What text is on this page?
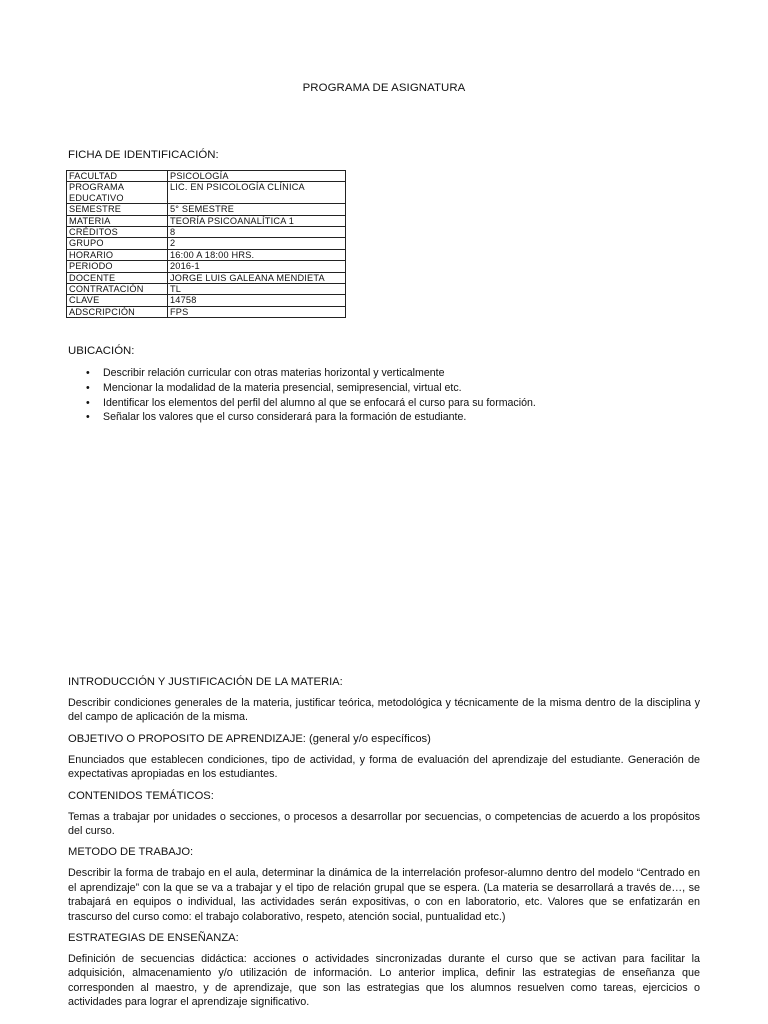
PROGRAMA DE ASIGNATURA
FICHA DE IDENTIFICACIÓN:
FACULTAD	PSICOLOGÍA
PROGRAMA EDUCATIVO	LIC. EN PSICOLOGÍA CLÍNICA
SEMESTRE	5° SEMESTRE
MATERIA	TEORÍA PSICOANALÍTICA 1
CRÉDITOS	8
GRUPO	2
HORARIO	16:00 A 18:00 HRS.
PERIODO	2016-1
DOCENTE	JORGE LUIS GALEANA MENDIETA
CONTRATACIÓN	TL
CLAVE	14758
ADSCRIPCIÓN	FPS
UBICACIÓN:
• Describir relación curricular con otras materias horizontal y verticalmente
• Mencionar la modalidad de la materia presencial, semipresencial, virtual etc.
• Identificar los elementos del perfil del alumno al que se enfocará el curso para su formación.
• Señalar los valores que el curso considerará para la formación de estudiante.
INTRODUCCIÓN Y JUSTIFICACIÓN DE LA MATERIA:
Describir condiciones generales de la materia, justificar teórica, metodológica y técnicamente de la misma dentro de la disciplina y del campo de aplicación de la misma.
OBJETIVO O PROPOSITO DE APRENDIZAJE: (general y/o específicos)
Enunciados que establecen condiciones, tipo de actividad, y forma de evaluación del aprendizaje del estudiante. Generación de expectativas apropiadas en los estudiantes.
CONTENIDOS TEMÁTICOS:
Temas a trabajar por unidades o secciones, o procesos a desarrollar por secuencias, o competencias de acuerdo a los propósitos del curso.
METODO DE TRABAJO:
Describir la forma de trabajo en el aula, determinar la dinámica de la interrelación profesor-alumno dentro del modelo “Centrado en el aprendizaje” con la que se va a trabajar y el tipo de relación grupal que se espera. (La materia se desarrollará a través de…, se trabajará en equipos o individual, las actividades serán expositivas, o con en laboratorio, etc. Valores que se enfatizarán en trascurso del curso como: el trabajo colaborativo, respeto, atención social, puntualidad etc.)
ESTRATEGIAS DE ENSEÑANZA:
Definición de secuencias didáctica: acciones o actividades sincronizadas durante el curso que se activan para facilitar la adquisición, almacenamiento y/o utilización de información. Lo anterior implica, definir las estrategias de enseñanza que corresponden al maestro, y de aprendizaje, que son las estrategias que los alumnos resuelven como tareas, ejercicios o actividades para lograr el aprendizaje significativo.
